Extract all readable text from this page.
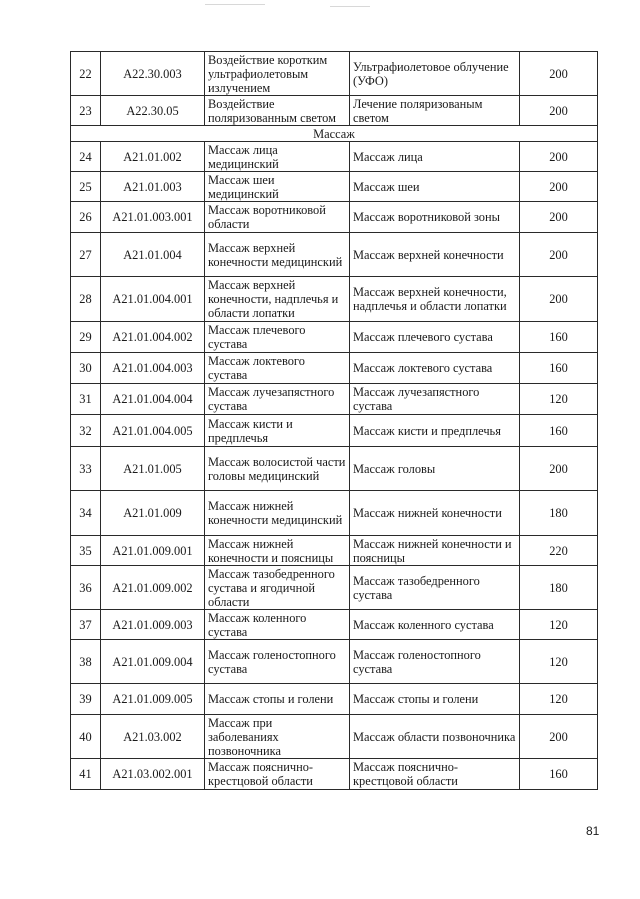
22	A22.30.003	Воздействие коротким ультрафиолетовым излучением	Ультрафиолетовое облучение (УФО)	200
23	A22.30.05	Воздействие поляризованным светом	Лечение поляризованым светом	200
Массаж				
24	A21.01.002	Массаж лица медицинский	Массаж лица	200
25	A21.01.003	Массаж шеи медицинский	Массаж шеи	200
26	A21.01.003.001	Массаж воротниковой области	Массаж воротниковой зоны	200
27	A21.01.004	Массаж верхней конечности медицинский	Массаж верхней конечности	200
28	A21.01.004.001	Массаж верхней конечности, надплечья и области лопатки	Массаж верхней конечности, надплечья и области лопатки	200
29	A21.01.004.002	Массаж плечевого сустава	Массаж плечевого сустава	160
30	A21.01.004.003	Массаж локтевого сустава	Массаж локтевого сустава	160
31	A21.01.004.004	Массаж лучезапястного сустава	Массаж лучезапястного сустава	120
32	A21.01.004.005	Массаж кисти и предплечья	Массаж кисти и предплечья	160
33	A21.01.005	Массаж волосистой части головы медицинский	Массаж головы	200
34	A21.01.009	Массаж нижней конечности медицинский	Массаж нижней конечности	180
35	A21.01.009.001	Массаж нижней конечности и поясницы	Массаж нижней конечности и поясницы	220
36	A21.01.009.002	Массаж тазобедренного сустава и ягодичной области	Массаж тазобедренного сустава	180
37	A21.01.009.003	Массаж коленного сустава	Массаж коленного сустава	120
38	A21.01.009.004	Массаж голеностопного сустава	Массаж голеностопного сустава	120
39	A21.01.009.005	Массаж стопы и голени	Массаж стопы и голени	120
40	A21.03.002	Массаж при заболеваниях позвоночника	Массаж области позвоночника	200
41	A21.03.002.001	Массаж пояснично-крестцовой области	Массаж пояснично-крестцовой области	160
81
